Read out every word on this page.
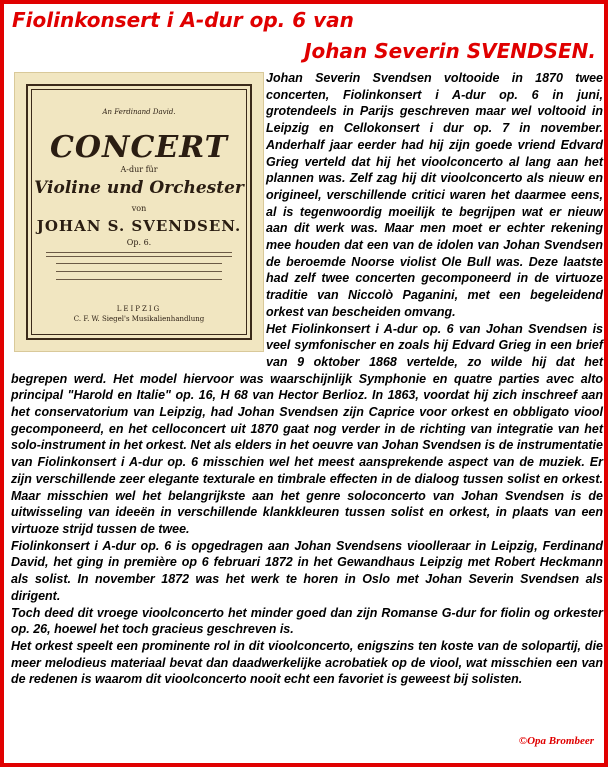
Fiolinkonsert i A-dur op. 6 van
Johan Severin SVENDSEN.
An Ferdinand David.
CONCERT
A-dur für
Violine und Orchester
von
JOHAN S. SVENDSEN.
Op. 6.
LEIPZIG
C. F. W. Siegel's Musikalienhandlung

Johan Severin Svendsen voltooide in 1870 twee concerten, Fiolinkonsert i A-dur op. 6 in juni, grotendeels in Parijs geschreven maar wel voltooid in Leipzig en Cellokonsert i dur op. 7 in november. Anderhalf jaar eerder had hij zijn goede vriend Edvard Grieg verteld dat hij het vioolconcerto al lang aan het plannen was. Zelf zag hij dit vioolconcerto als nieuw en origineel, verschillende critici waren het daarmee eens, al is tegenwoordig moeilijk te begrijpen wat er nieuw aan dit werk was. Maar men moet er echter rekening mee houden dat een van de idolen van Johan Svendsen de beroemde Noorse violist Ole Bull was. Deze laatste had zelf twee concerten gecomponeerd in de virtuoze traditie van Niccolò Paganini, met een begeleidend orkest van bescheiden omvang.

Het Fiolinkonsert i A-dur op. 6 van Johan Svendsen is veel symfonischer en zoals hij Edvard Grieg in een brief van 9 oktober 1868 vertelde, zo wilde hij dat het begrepen werd. Het model hiervoor was waarschijnlijk Symphonie en quatre parties avec alto principal "Harold en Italie" op. 16, H 68 van Hector Berlioz. In 1863, voordat hij zich inschreef aan het conservatorium van Leipzig, had Johan Svendsen zijn Caprice voor orkest en obbligato viool gecomponeerd, en het celloconcert uit 1870 gaat nog verder in de richting van integratie van het solo-instrument in het orkest. Net als elders in het oeuvre van Johan Svendsen is de instrumentatie van Fiolinkonsert i A-dur op. 6 misschien wel het meest aansprekende aspect van de muziek. Er zijn verschillende zeer elegante texturale en timbrale effecten in de dialoog tussen solist en orkest. Maar misschien wel het belangrijkste aan het genre soloconcerto van Johan Svendsen is de uitwisseling van ideeën in verschillende klankkleuren tussen solist en orkest, in plaats van een virtuoze strijd tussen de twee.

Fiolinkonsert i A-dur op. 6 is opgedragen aan Johan Svendsens vioolleraar in Leipzig, Ferdinand David, het ging in première op 6 februari 1872 in het Gewandhaus Leipzig met Robert Heckmann als solist. In november 1872 was het werk te horen in Oslo met Johan Severin Svendsen als dirigent.

Toch deed dit vroege vioolconcerto het minder goed dan zijn Romanse G-dur for fiolin og orkester op. 26, hoewel het toch gracieus geschreven is.

Het orkest speelt een prominente rol in dit vioolconcerto, enigszins ten koste van de solopartij, die meer melodieus materiaal bevat dan daadwerkelijke acrobatiek op de viool, wat misschien een van de redenen is waarom dit vioolconcerto nooit echt een favoriet is geweest bij solisten.

©Opa Brombeer
